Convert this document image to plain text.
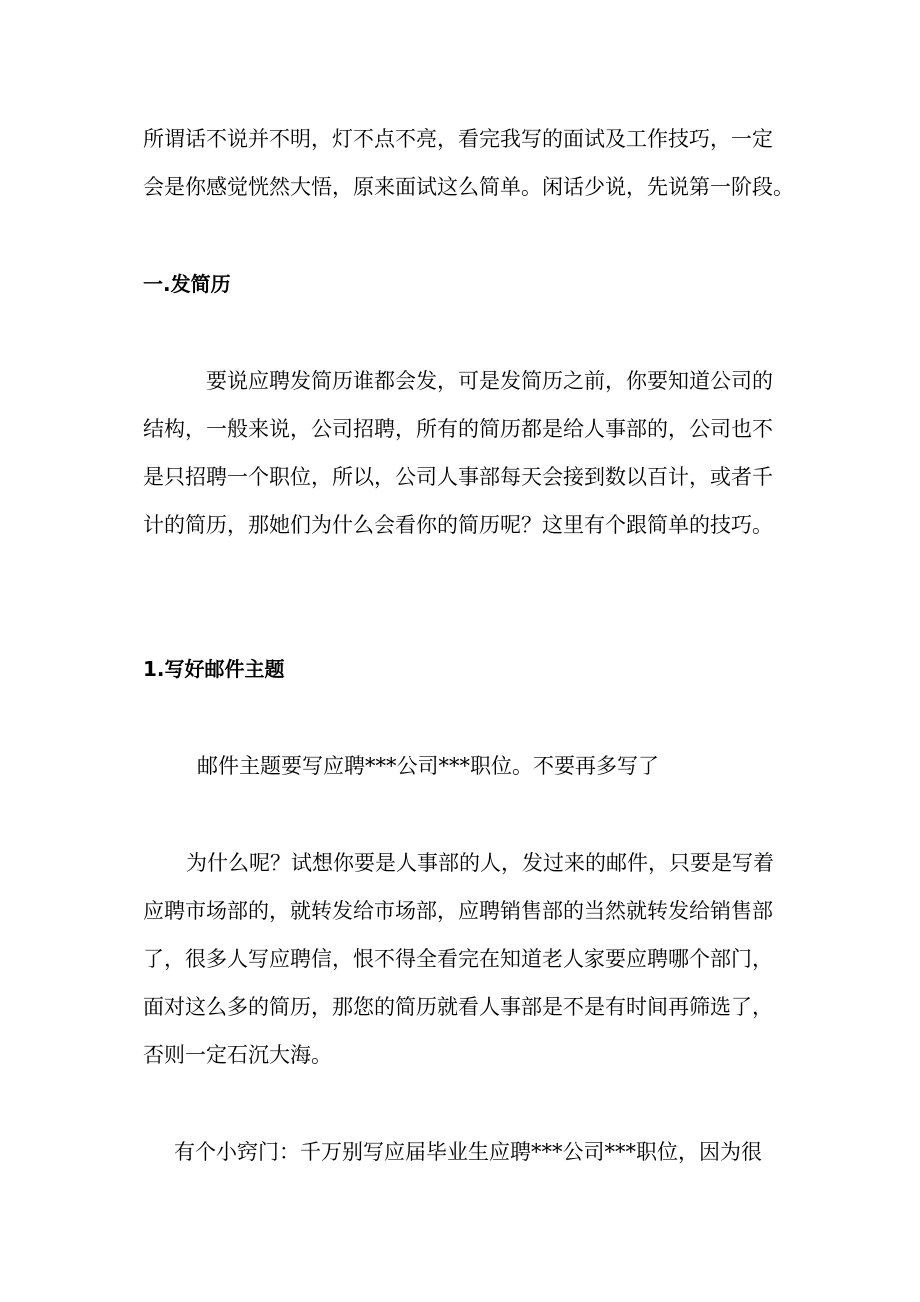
所谓话不说并不明，灯不点不亮，看完我写的面试及工作技巧，一定
会是你感觉恍然大悟，原来面试这么简单。闲话少说，先说第一阶段。
一.发简历
要说应聘发简历谁都会发，可是发简历之前，你要知道公司的
结构，一般来说，公司招聘，所有的简历都是给人事部的，公司也不
是只招聘一个职位，所以，公司人事部每天会接到数以百计，或者千
计的简历，那她们为什么会看你的简历呢？这里有个跟简单的技巧。
1.写好邮件主题
邮件主题要写应聘***公司***职位。不要再多写了
为什么呢？试想你要是人事部的人，发过来的邮件，只要是写着
应聘市场部的，就转发给市场部，应聘销售部的当然就转发给销售部
了，很多人写应聘信，恨不得全看完在知道老人家要应聘哪个部门，
面对这么多的简历，那您的简历就看人事部是不是有时间再筛选了，
否则一定石沉大海。
有个小窍门：千万别写应届毕业生应聘***公司***职位，因为很
